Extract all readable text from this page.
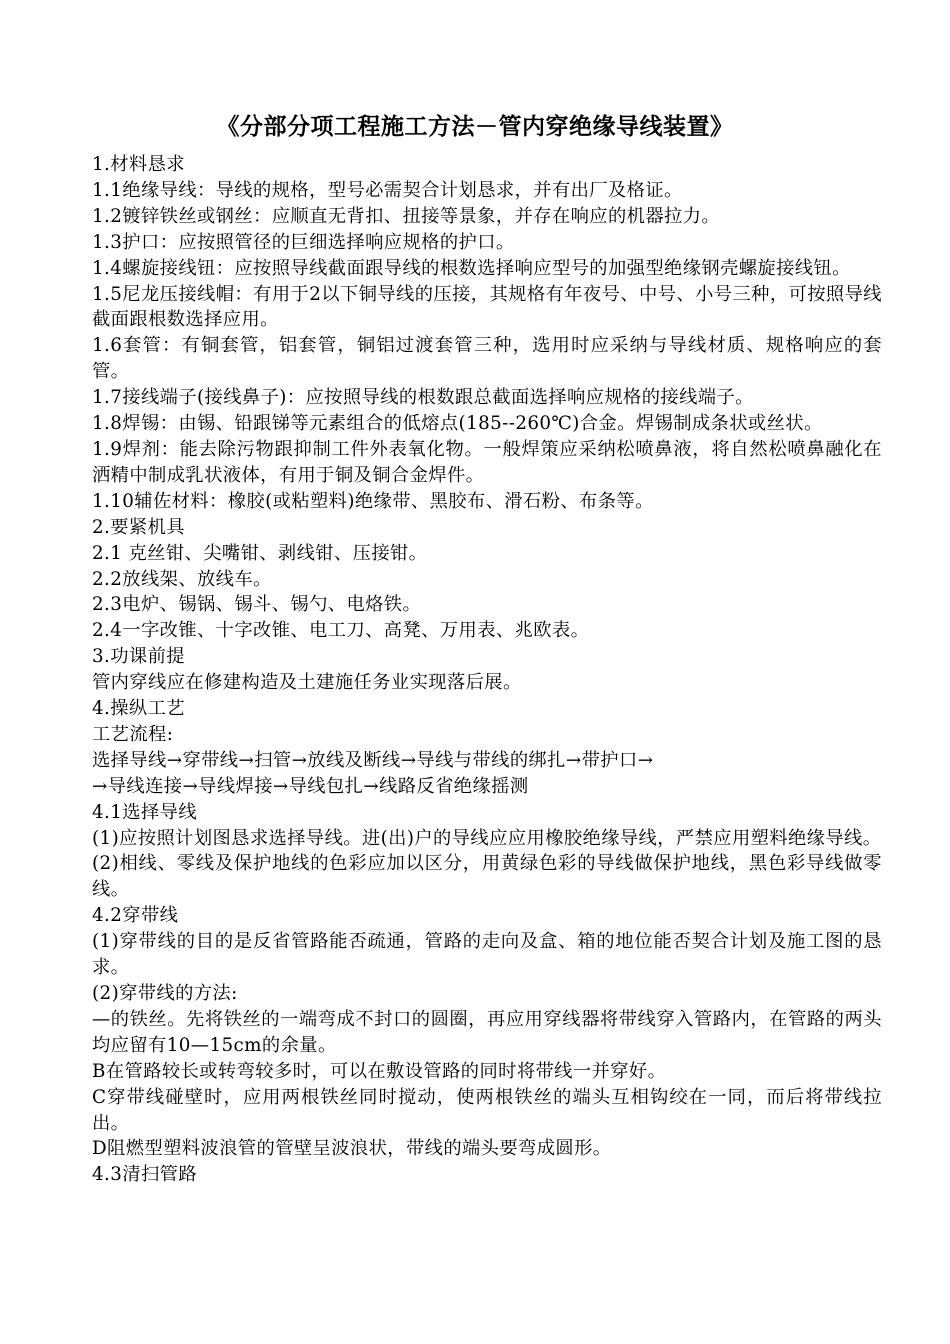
《分部分项工程施工方法－管内穿绝缘导线装置》

1.材料恳求

1.1绝缘导线：导线的规格，型号必需契合计划恳求，并有出厂及格证。

1.2镀锌铁丝或钢丝：应顺直无背扣、扭接等景象，并存在响应的机器拉力。

1.3护口：应按照管径的巨细选择响应规格的护口。

1.4螺旋接线钮：应按照导线截面跟导线的根数选择响应型号的加强型绝缘钢壳螺旋接线钮。

1.5尼龙压接线帽：有用于2以下铜导线的压接，其规格有年夜号、中号、小号三种，可按照导线截面跟根数选择应用。

1.6套管：有铜套管，铝套管，铜铝过渡套管三种，选用时应采纳与导线材质、规格响应的套管。

1.7接线端子(接线鼻子)：应按照导线的根数跟总截面选择响应规格的接线端子。

1.8焊锡：由锡、铅跟锑等元素组合的低熔点(185--260℃)合金。焊锡制成条状或丝状。

1.9焊剂：能去除污物跟抑制工件外表氧化物。一般焊策应采纳松喷鼻液，将自然松喷鼻融化在洒精中制成乳状液体，有用于铜及铜合金焊件。

1.10辅佐材料：橡胶(或粘塑料)绝缘带、黑胶布、滑石粉、布条等。

2.要紧机具

2.1 克丝钳、尖嘴钳、剥线钳、压接钳。

2.2放线架、放线车。

2.3电炉、锡锅、锡斗、锡勺、电烙铁。

2.4一字改锥、十字改锥、电工刀、高凳、万用表、兆欧表。

3.功课前提

管内穿线应在修建构造及土建施任务业实现落后展。

4.操纵工艺

工艺流程:

选择导线→穿带线→扫管→放线及断线→导线与带线的绑扎→带护口→

→导线连接→导线焊接→导线包扎→线路反省绝缘摇测

4.1选择导线

(1)应按照计划图恳求选择导线。进(出)户的导线应应用橡胶绝缘导线，严禁应用塑料绝缘导线。

(2)相线、零线及保护地线的色彩应加以区分，用黄绿色彩的导线做保护地线，黑色彩导线做零线。

4.2穿带线

(1)穿带线的目的是反省管路能否疏通，管路的走向及盒、箱的地位能否契合计划及施工图的恳求。

(2)穿带线的方法:

—的铁丝。先将铁丝的一端弯成不封口的圆圈，再应用穿线器将带线穿入管路内，在管路的两头均应留有10—15cm的余量。

B在管路较长或转弯较多时，可以在敷设管路的同时将带线一并穿好。

C穿带线碰壁时，应用两根铁丝同时搅动，使两根铁丝的端头互相钩绞在一同，而后将带线拉出。

D阻燃型塑料波浪管的管壁呈波浪状，带线的端头要弯成圆形。

4.3清扫管路
